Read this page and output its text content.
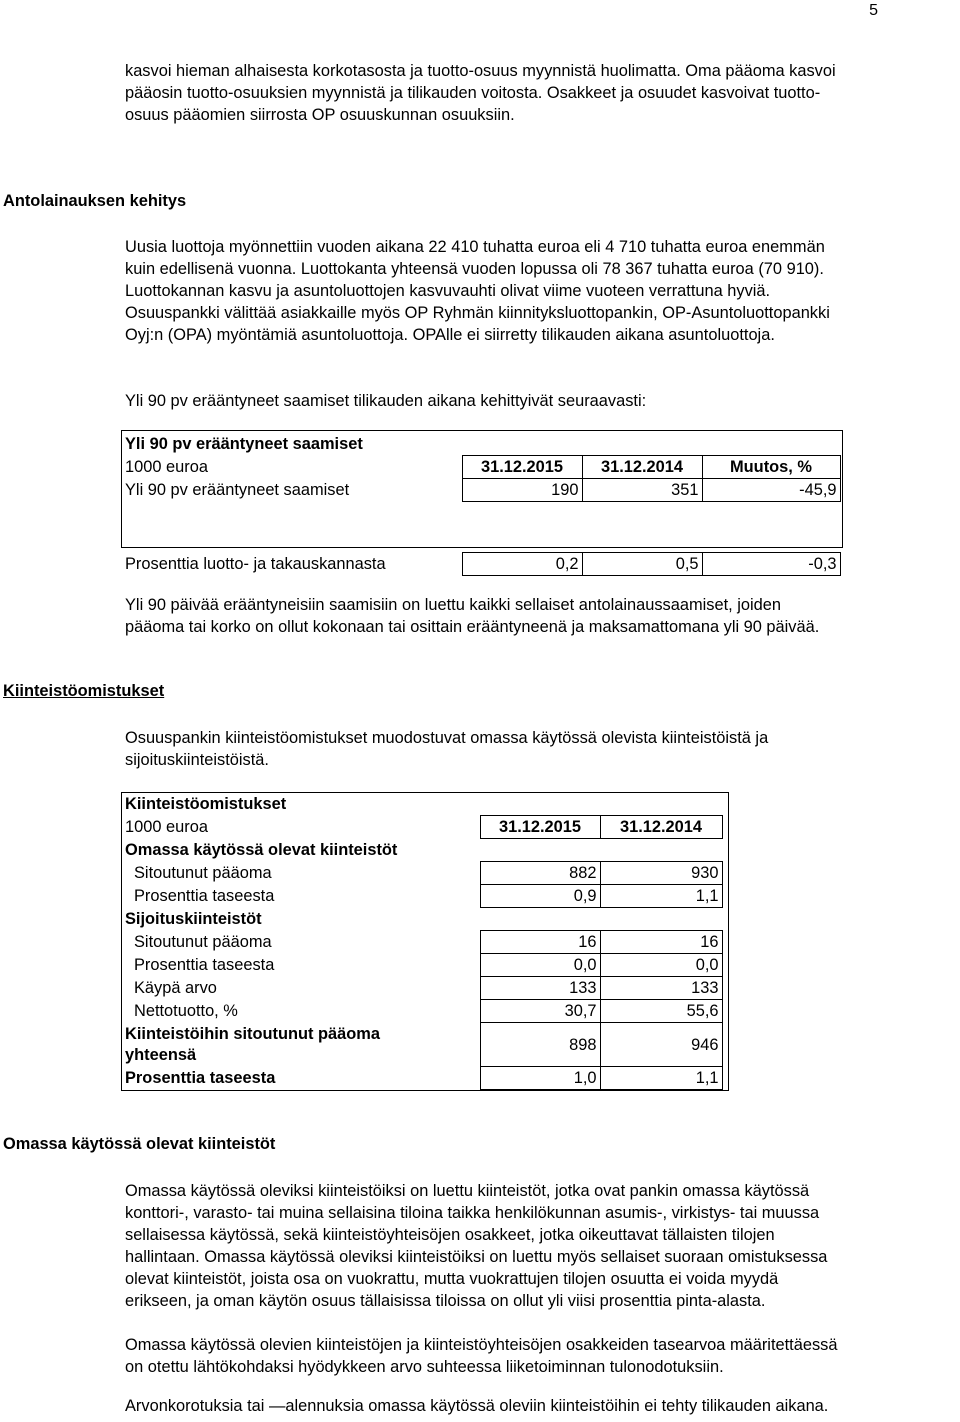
5
kasvoi hieman alhaisesta korkotasosta ja tuotto-osuus myynnistä huolimatta. Oma pääoma kasvoi
pääosin tuotto-osuuksien myynnistä ja tilikauden voitosta. Osakkeet ja osuudet kasvoivat tuotto-
osuus pääomien siirrosta OP osuuskunnan osuuksiin.
Antolainauksen kehitys
Uusia luottoja myönnettiin vuoden aikana 22 410 tuhatta euroa eli 4 710 tuhatta euroa enemmän
kuin edellisenä vuonna. Luottokanta yhteensä vuoden lopussa oli 78 367 tuhatta euroa (70 910).
Luottokannan kasvu ja asuntoluottojen kasvuvauhti olivat viime vuoteen verrattuna hyviä.
Osuuspankki välittää asiakkaille myös OP Ryhmän kiinnityksluottopankin, OP-Asuntoluottopankki
Oyj:n (OPA) myöntämiä asuntoluottoja. OPAlle ei siirretty tilikauden aikana asuntoluottoja.
Yli 90 pv erääntyneet saamiset tilikauden aikana kehittyivät seuraavasti:
Yli 90 pv erääntyneet saamiset			
1000 euroa	31.12.2015	31.12.2014	Muutos, %
Yli 90 pv erääntyneet saamiset	190	351	-45,9

Prosenttia luotto- ja takauskannasta	0,2	0,5	-0,3
Yli 90 päivää erääntyneisiin saamisiin on luettu kaikki sellaiset antolainaussaamiset, joiden
pääoma tai korko on ollut kokonaan tai osittain erääntyneenä ja maksamattomana yli 90 päivää.
Kiinteistöomistukset
Osuuspankin kiinteistöomistukset muodostuvat omassa käytössä olevista kiinteistöistä ja
sijoituskiinteistöistä.
Kiinteistöomistukset		
1000 euroa	31.12.2015	31.12.2014
Omassa käytössä olevat kiinteistöt		
Sitoutunut pääoma	882	930
Prosenttia taseesta	0,9	1,1
Sijoituskiinteistöt		
Sitoutunut pääoma	16	16
Prosenttia taseesta	0,0	0,0
Käypä arvo	133	133
Nettotuotto, %	30,7	55,6

Kiinteistöihin sitoutunut pääoma
yhteensä	898	946
Prosenttia taseesta	1,0	1,1
Omassa käytössä olevat kiinteistöt
Omassa käytössä oleviksi kiinteistöiksi on luettu kiinteistöt, jotka ovat pankin omassa käytössä
konttori-, varasto- tai muina sellaisina tiloina taikka henkilökunnan asumis-, virkistys- tai muussa
sellaisessa käytössä, sekä kiinteistöyhteisöjen osakkeet, jotka oikeuttavat tällaisten tilojen
hallintaan. Omassa käytössä oleviksi kiinteistöiksi on luettu myös sellaiset suoraan omistuksessa
olevat kiinteistöt, joista osa on vuokrattu, mutta vuokrattujen tilojen osuutta ei voida myydä
erikseen, ja oman käytön osuus tällaisissa tiloissa on ollut yli viisi prosenttia pinta-alasta.
Omassa käytössä olevien kiinteistöjen ja kiinteistöyhteisöjen osakkeiden tasearvoa määritettäessä
on otettu lähtökohdaksi hyödykkeen arvo suhteessa liiketoiminnan tulonodotuksiin.
Arvonkorotuksia tai —alennuksia omassa käytössä oleviin kiinteistöihin ei tehty tilikauden aikana.
